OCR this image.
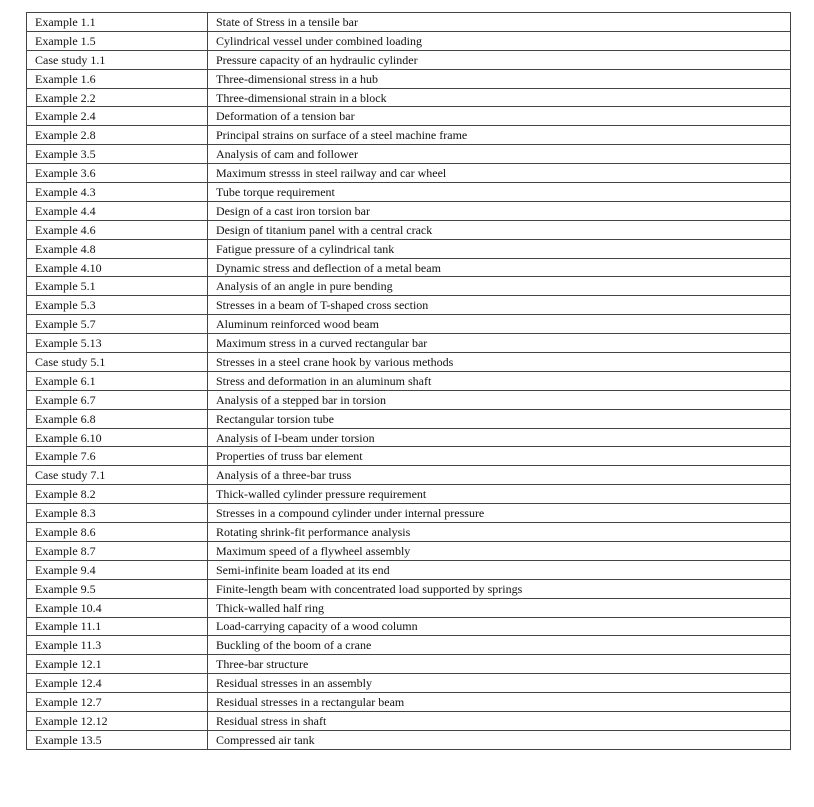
Example 1.1	State of Stress in a tensile bar
Example 1.5	Cylindrical vessel under combined loading
Case study 1.1	Pressure capacity of an hydraulic cylinder
Example 1.6	Three-dimensional stress in a hub
Example 2.2	Three-dimensional strain in a block
Example 2.4	Deformation of a tension bar
Example 2.8	Principal strains on surface of a steel machine frame
Example 3.5	Analysis of cam and follower
Example 3.6	Maximum stresss in steel railway and car wheel
Example 4.3	Tube torque requirement
Example 4.4	Design of a cast iron torsion bar
Example 4.6	Design of titanium panel with a central crack
Example 4.8	Fatigue pressure of a cylindrical tank
Example 4.10	Dynamic stress and deflection of a metal beam
Example 5.1	Analysis of an angle in pure bending
Example 5.3	Stresses in a beam of T-shaped cross section
Example 5.7	Aluminum reinforced wood beam
Example 5.13	Maximum stress in a curved rectangular bar
Case study 5.1	Stresses in a steel crane hook by various methods
Example 6.1	Stress and deformation in an aluminum shaft
Example 6.7	Analysis of a stepped bar in torsion
Example 6.8	Rectangular torsion tube
Example 6.10	Analysis of I-beam under torsion
Example 7.6	Properties of truss bar element
Case study 7.1	Analysis of a three-bar truss
Example 8.2	Thick-walled cylinder pressure requirement
Example 8.3	Stresses in a compound cylinder under internal pressure
Example 8.6	Rotating shrink-fit performance analysis
Example 8.7	Maximum speed of a flywheel assembly
Example 9.4	Semi-infinite beam loaded at its end
Example 9.5	Finite-length beam with concentrated load supported by springs
Example 10.4	Thick-walled half ring
Example 11.1	Load-carrying capacity of a wood column
Example 11.3	Buckling of the boom of a crane
Example 12.1	Three-bar structure
Example 12.4	Residual stresses in an assembly
Example 12.7	Residual stresses in a rectangular beam
Example 12.12	Residual stress in shaft
Example 13.5	Compressed air tank
